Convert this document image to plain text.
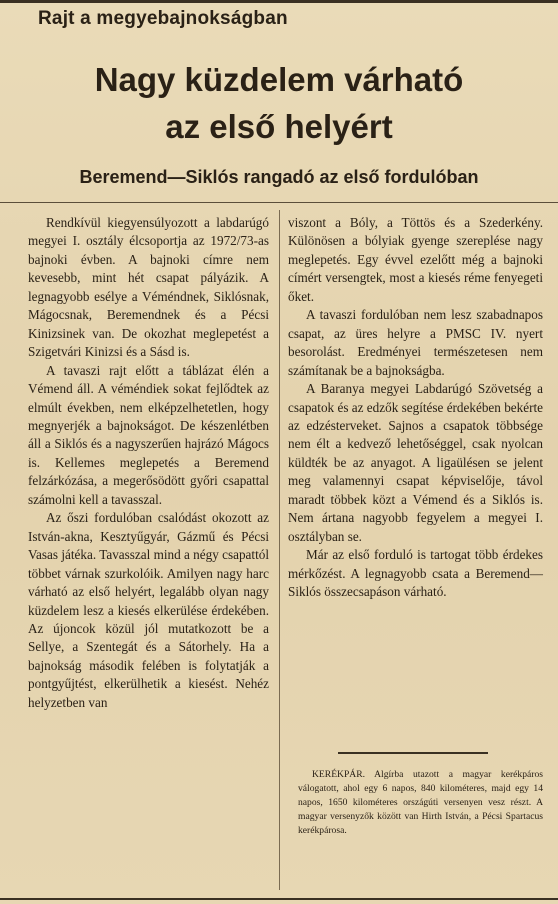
Rajt a megyebajnokságban
Nagy küzdelem várható
az első helyért
Beremend—Siklós rangadó az első fordulóban

Rendkívül kiegyensúlyozott a labdarúgó megyei I. osztály élcsoportja az 1972/73-as bajnoki évben. A bajnoki címre nem kevesebb, mint hét csapat pályázik. A legnagyobb esélye a Véméndnek, Siklósnak, Mágocsnak, Beremendnek és a Pécsi Kinizsinek van. De okozhat meglepetést a Szigetvári Kinizsi és a Sásd is.

A tavaszi rajt előtt a táblázat élén a Vémend áll. A véméndiek sokat fejlődtek az elmúlt években, nem elképzelhetetlen, hogy megnyerjék a bajnokságot. De készenlétben áll a Siklós és a nagyszerűen hajrázó Mágocs is. Kellemes meglepetés a Beremend felzárkózása, a megerősödött győri csapattal számolni kell a tavasszal.

Az őszi fordulóban csalódást okozott az István-akna, Kesztyűgyár, Gázmű és Pécsi Vasas játéka. Tavasszal mind a négy csapattól többet várnak szurkolóik. Amilyen nagy harc várható az első helyért, legalább olyan nagy küzdelem lesz a kiesés elkerülése érdekében. Az újoncok közül jól mutatkozott be a Sellye, a Szentegát és a Sátorhely. Ha a bajnokság második felében is folytatják a pontgyűjtést, elkerülhetik a kiesést. Nehéz helyzetben van

viszont a Bóly, a Töttös és a Szederkény. Különösen a bólyiak gyenge szereplése nagy meglepetés. Egy évvel ezelőtt még a bajnoki címért versengtek, most a kiesés réme fenyegeti őket.

A tavaszi fordulóban nem lesz szabadnapos csapat, az üres helyre a PMSC IV. nyert besorolást. Eredményei természetesen nem számítanak be a bajnokságba.

A Baranya megyei Labdarúgó Szövetség a csapatok és az edzők segítése érdekében bekérte az edzésterveket. Sajnos a csapatok többsége nem élt a kedvező lehetőséggel, csak nyolcan küldték be az anyagot. A ligaülésen se jelent meg valamennyi csapat képviselője, távol maradt többek közt a Vémend és a Siklós is. Nem ártana nagyobb fegyelem a megyei I. osztályban se.

Már az első forduló is tartogat több érdekes mérkőzést. A legnagyobb csata a Beremend—Siklós összecsapáson várható.

KERÉKPÁR. Algírba utazott a magyar kerékpáros válogatott, ahol egy 6 napos, 840 kilométeres, majd egy 14 napos, 1650 kilométeres országúti versenyen vesz részt. A magyar versenyzők között van Hirth István, a Pécsi Spartacus kerékpárosa.
